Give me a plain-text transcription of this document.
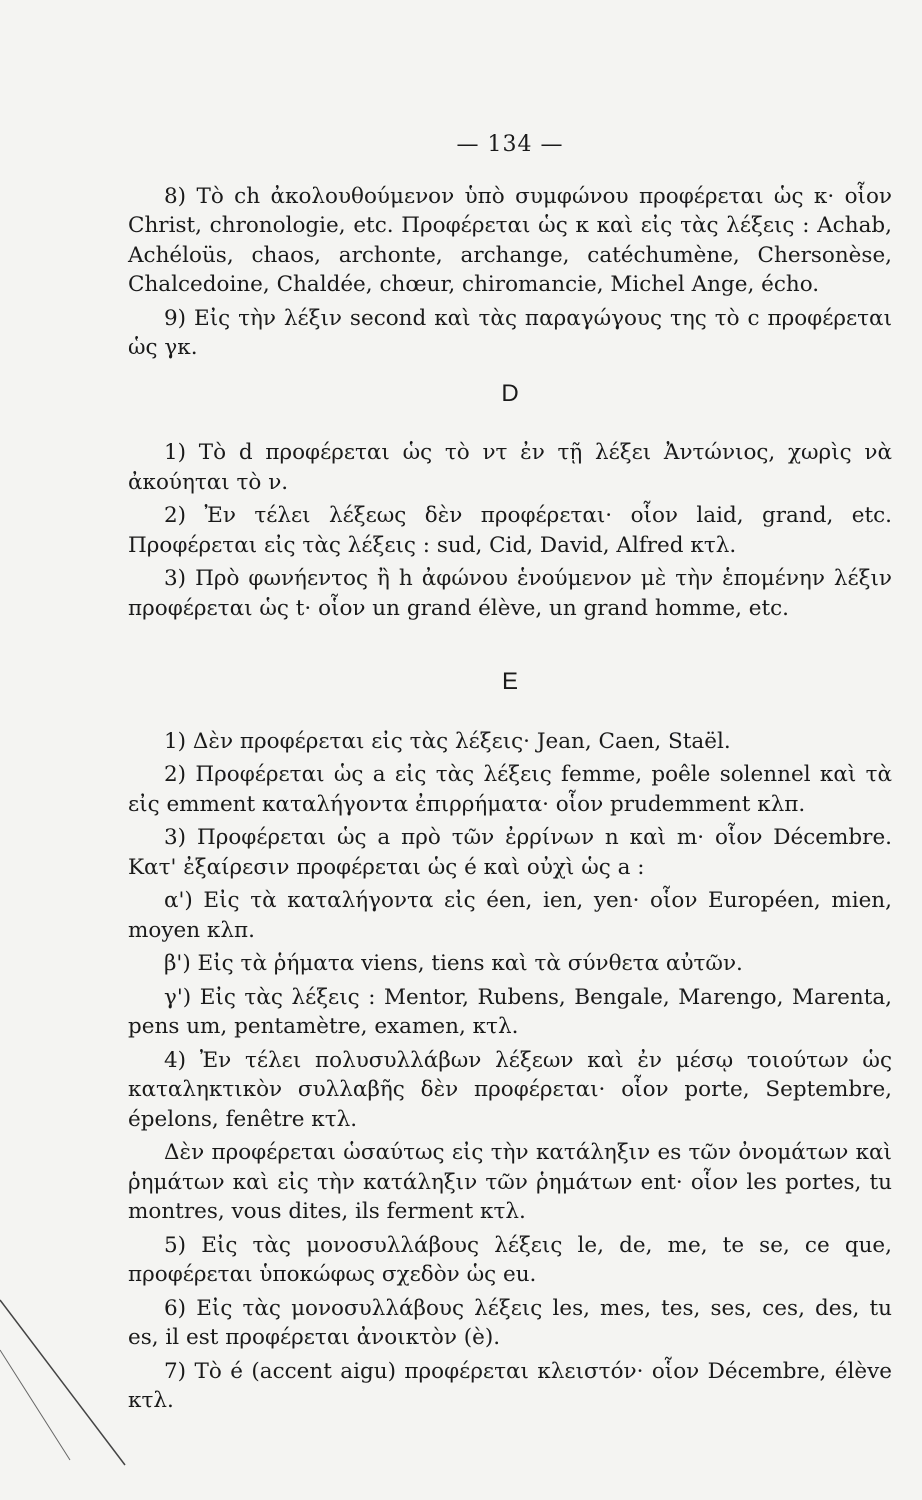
— 134 —

8) Τὸ ch ἀκολουθούμενον ὑπὸ συμφώνου προφέρεται ὡς κ· οἷον Christ, chronologie, etc. Προφέρεται ὡς κ καὶ εἰς τὰς λέξεις : Achab, Achéloüs, chaos, archonte, archange, catéchumène, Chersonèse, Chalcedoine, Chaldée, chœur, chiromancie, Michel Ange, écho.

9) Εἰς τὴν λέξιν second καὶ τὰς παραγώγους της τὸ c προφέρεται ὡς γκ.

D

1) Τὸ d προφέρεται ὡς τὸ ντ ἐν τῇ λέξει Ἀντώνιος, χωρὶς νὰ ἀκούηται τὸ ν.

2) Ἐν τέλει λέξεως δὲν προφέρεται· οἷον laid, grand, etc. Προφέρεται εἰς τὰς λέξεις : sud, Cid, David, Alfred κτλ.

3) Πρὸ φωνήεντος ἢ h ἀφώνου ἑνούμενον μὲ τὴν ἑπομένην λέξιν προφέρεται ὡς t· οἷον un grand élève, un grand homme, etc.

E

1) Δὲν προφέρεται εἰς τὰς λέξεις· Jean, Caen, Staël.

2) Προφέρεται ὡς a εἰς τὰς λέξεις femme, poêle solennel καὶ τὰ εἰς emment καταλήγοντα ἐπιρρήματα· οἷον prudemment κλπ.

3) Προφέρεται ὡς a πρὸ τῶν ἐρρίνων n καὶ m· οἷον Décembre. Κατ' ἐξαίρεσιν προφέρεται ὡς é καὶ οὐχὶ ὡς a :

α') Εἰς τὰ καταλήγοντα εἰς éen, ien, yen· οἷον Européen, mien, moyen κλπ.

β') Εἰς τὰ ῥήματα viens, tiens καὶ τὰ σύνθετα αὐτῶν.

γ') Εἰς τὰς λέξεις : Mentor, Rubens, Bengale, Marengo, Marenta, pens um, pentamètre, examen, κτλ.

4) Ἐν τέλει πολυσυλλάβων λέξεων καὶ ἐν μέσῳ τοιούτων ὡς καταληκτικὸν συλλαβῆς δὲν προφέρεται· οἷον porte, Septembre, épelons, fenêtre κτλ.

Δὲν προφέρεται ὡσαύτως εἰς τὴν κατάληξιν es τῶν ὀνομάτων καὶ ῥημάτων καὶ εἰς τὴν κατάληξιν τῶν ῥημάτων ent· οἷον les portes, tu montres, vous dites, ils ferment κτλ.

5) Εἰς τὰς μονοσυλλάβους λέξεις le, de, me, te se, ce que, προφέρεται ὑποκώφως σχεδὸν ὡς eu.

6) Εἰς τὰς μονοσυλλάβους λέξεις les, mes, tes, ses, ces, des, tu es, il est προφέρεται ἀνοικτὸν (è).

7) Τὸ é (accent aigu) προφέρεται κλειστόν· οἷον Décembre, élève κτλ.
